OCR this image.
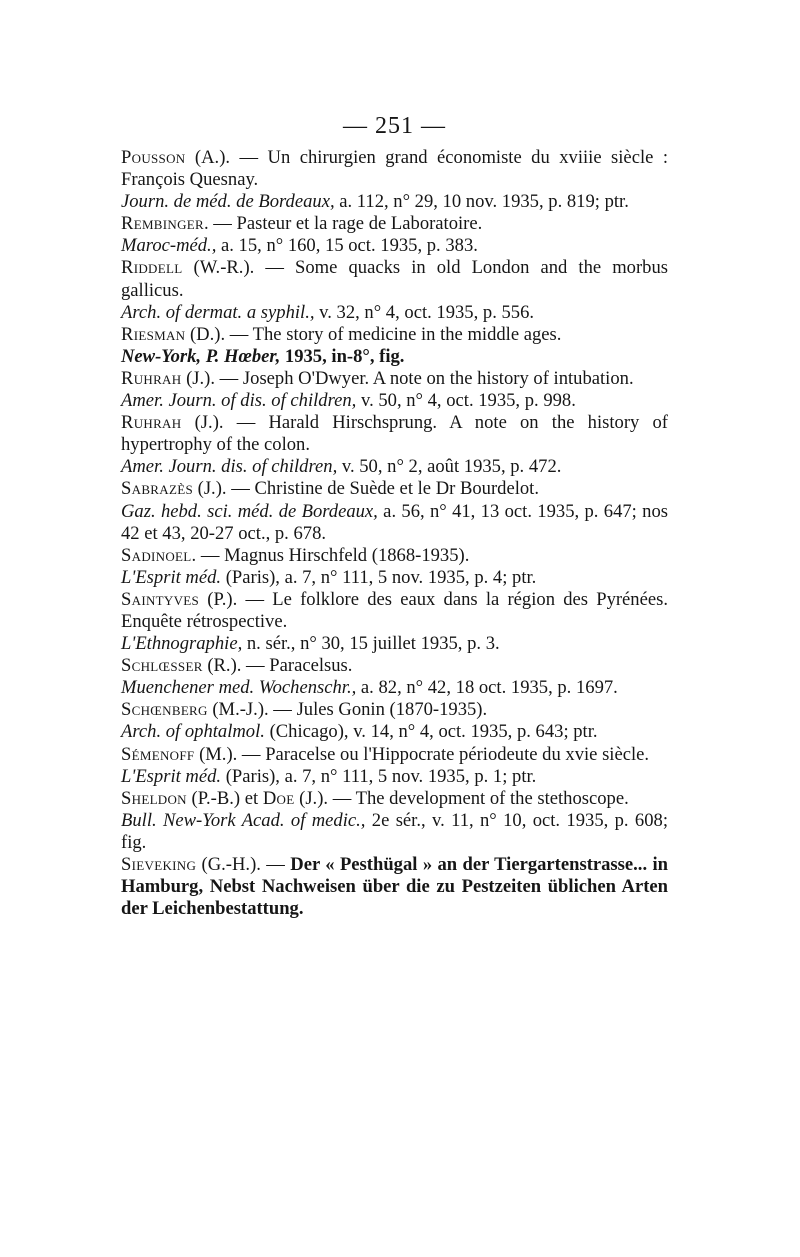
— 251 —

Pousson (A.). — Un chirurgien grand économiste du xviiie siècle : François Quesnay.
Journ. de méd. de Bordeaux, a. 112, n° 29, 10 nov. 1935, p. 819; ptr.

Rembinger. — Pasteur et la rage de Laboratoire.
Maroc-méd., a. 15, n° 160, 15 oct. 1935, p. 383.

Riddell (W.-R.). — Some quacks in old London and the morbus gallicus.
Arch. of dermat. a syphil., v. 32, n° 4, oct. 1935, p. 556.

Riesman (D.). — The story of medicine in the middle ages.
New-York, P. Hœber, 1935, in-8°, fig.

Ruhrah (J.). — Joseph O'Dwyer. A note on the history of intubation.
Amer. Journ. of dis. of children, v. 50, n° 4, oct. 1935, p. 998.

Ruhrah (J.). — Harald Hirschsprung. A note on the history of hypertrophy of the colon.
Amer. Journ. dis. of children, v. 50, n° 2, août 1935, p. 472.

Sabrazès (J.). — Christine de Suède et le Dr Bourdelot.
Gaz. hebd. sci. méd. de Bordeaux, a. 56, n° 41, 13 oct. 1935, p. 647; nos 42 et 43, 20-27 oct., p. 678.

Sadinoel. — Magnus Hirschfeld (1868-1935).
L'Esprit méd. (Paris), a. 7, n° 111, 5 nov. 1935, p. 4; ptr.

Saintyves (P.). — Le folklore des eaux dans la région des Pyrénées. Enquête rétrospective.
L'Ethnographie, n. sér., n° 30, 15 juillet 1935, p. 3.

Schlœsser (R.). — Paracelsus.
Muenchener med. Wochenschr., a. 82, n° 42, 18 oct. 1935, p. 1697.

Schœnberg (M.-J.). — Jules Gonin (1870-1935).
Arch. of ophtalmol. (Chicago), v. 14, n° 4, oct. 1935, p. 643; ptr.

Sémenoff (M.). — Paracelse ou l'Hippocrate périodeute du xvie siècle.
L'Esprit méd. (Paris), a. 7, n° 111, 5 nov. 1935, p. 1; ptr.

Sheldon (P.-B.) et Doe (J.). — The development of the stethoscope.
Bull. New-York Acad. of medic., 2e sér., v. 11, n° 10, oct. 1935, p. 608; fig.

Sieveking (G.-H.). — Der « Pesthügal » an der Tiergartenstrasse... in Hamburg, Nebst Nachweisen über die zu Pestzeiten üblichen Arten der Leichenbestattung.
